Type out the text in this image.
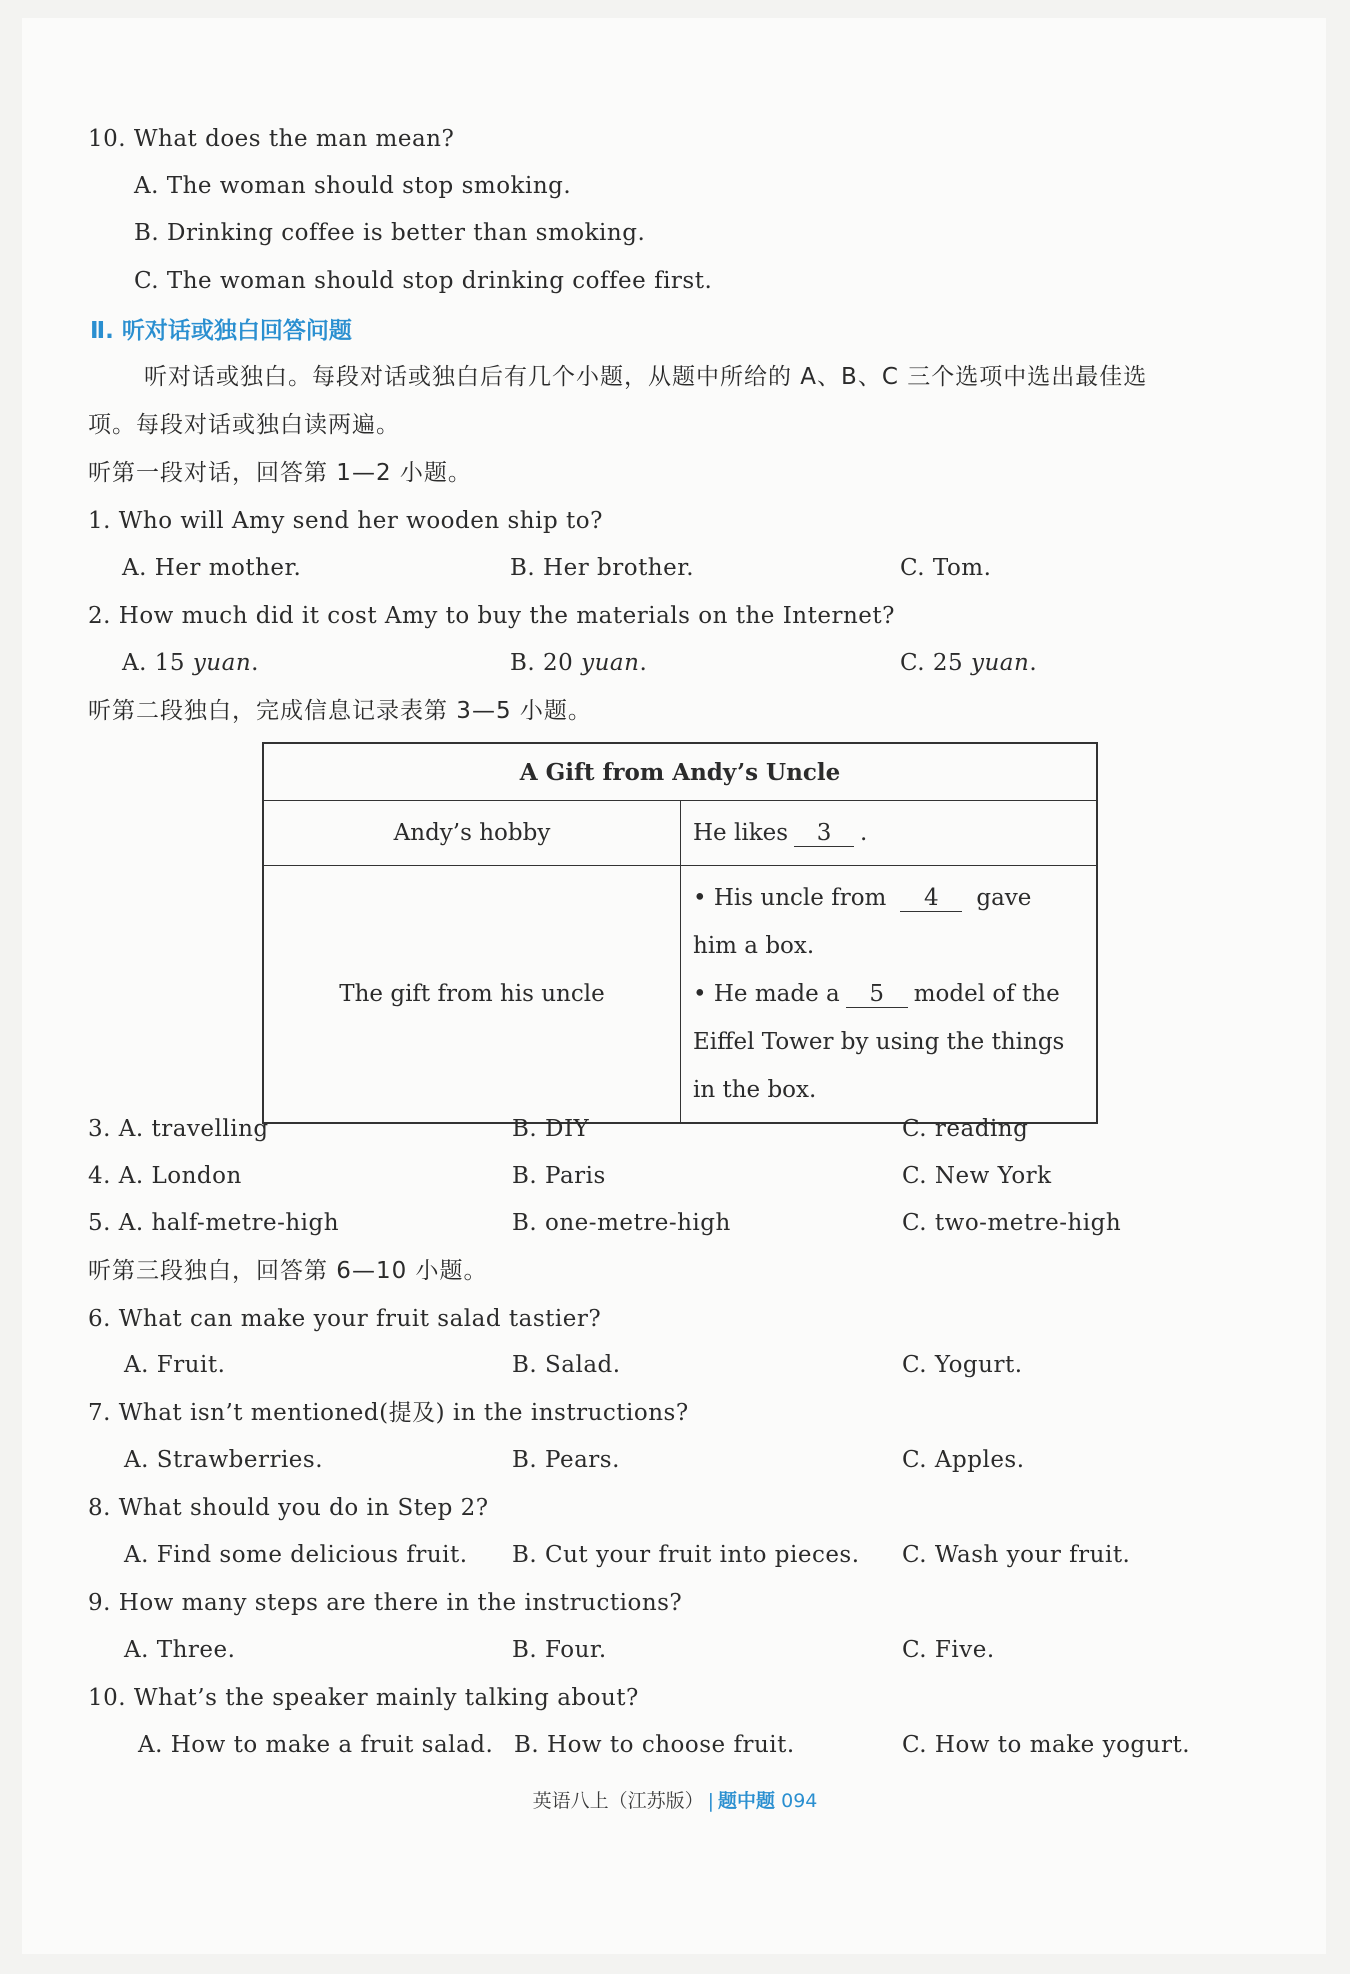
10. What does the man mean?
A. The woman should stop smoking.
B. Drinking coffee is better than smoking.
C. The woman should stop drinking coffee first.
Ⅱ. 听对话或独白回答问题
听对话或独白。每段对话或独白后有几个小题，从题中所给的 A、B、C 三个选项中选出最佳选
项。每段对话或独白读两遍。
听第一段对话，回答第 1—2 小题。
1. Who will Amy send her wooden ship to?
A. Her mother.	B. Her brother.	C. Tom.
2. How much did it cost Amy to buy the materials on the Internet?
A. 15 yuan.	B. 20 yuan.	C. 25 yuan.
听第二段独白，完成信息记录表第 3—5 小题。
A Gift from Andy’s Uncle	
Andy’s hobby	He likes 3 .
The gift from his uncle	• His uncle from 4 gave
him a box.
• He made a 5 model of the
Eiffel Tower by using the things
in the box.
3. A. travelling	B. DIY	C. reading
4. A. London	B. Paris	C. New York
5. A. half-metre-high	B. one-metre-high	C. two-metre-high
听第三段独白，回答第 6—10 小题。
6. What can make your fruit salad tastier?
A. Fruit.	B. Salad.	C. Yogurt.
7. What isn’t mentioned(提及) in the instructions?
A. Strawberries.	B. Pears.	C. Apples.
8. What should you do in Step 2?
A. Find some delicious fruit. B. Cut your fruit into pieces. C. Wash your fruit.
9. How many steps are there in the instructions?
A. Three.	B. Four.	C. Five.
10. What’s the speaker mainly talking about?
A. How to make a fruit salad. B. How to choose fruit.	C. How to make yogurt.
英语八上（江苏版） | 题中题 094
